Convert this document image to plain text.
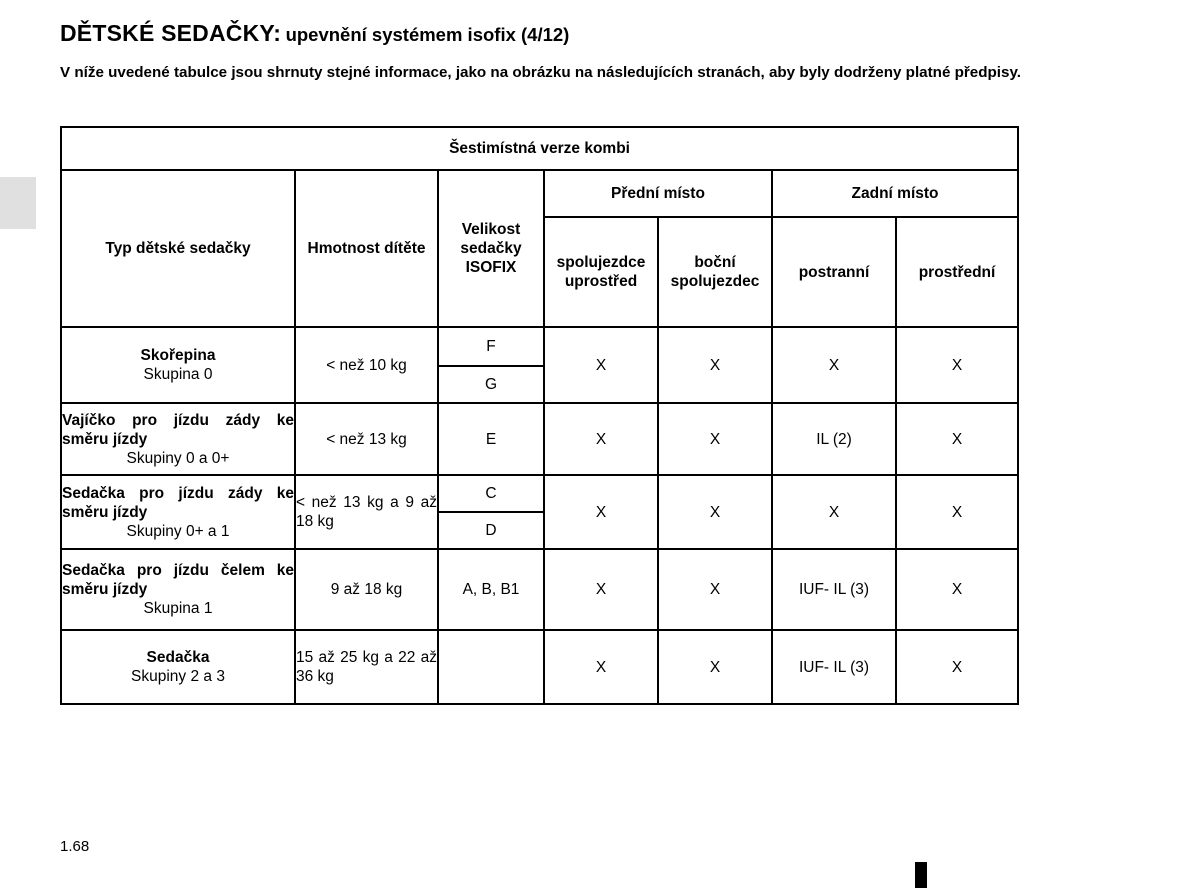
DĚTSKÉ SEDAČKY: upevnění systémem isofix (4/12)
V níže uvedené tabulce jsou shrnuty stejné informace, jako na obrázku na následujících stranách, aby byly dodrženy platné předpisy.
Šestimístná verze kombi						
Typ dětské sedačky	Hmotnost dítěte	Velikost sedačky ISOFIX	Přední místo		Zadní místo	
			spolujezdce uprostřed	boční spolujezdec	postranní	prostřední

Skořepina
Skupina 0	< než 10 kg	F	X	X	X	X
		G				

Vajíčko pro jízdu zády ke směru jízdy
Skupiny 0 a 0+	< než 13 kg	E	X	X	IL (2)	X

Sedačka pro jízdu zády ke směru jízdy
Skupiny 0+ a 1	< než 13 kg a 9 až 18 kg	C	X	X	X	X
		D				

Sedačka pro jízdu čelem ke směru jízdy
Skupina 1	9 až 18 kg	A, B, B1	X	X	IUF- IL (3)	X

Sedačka
Skupiny 2 a 3	15 až 25 kg a 22 až 36 kg		X	X	IUF- IL (3)	X
1.68
